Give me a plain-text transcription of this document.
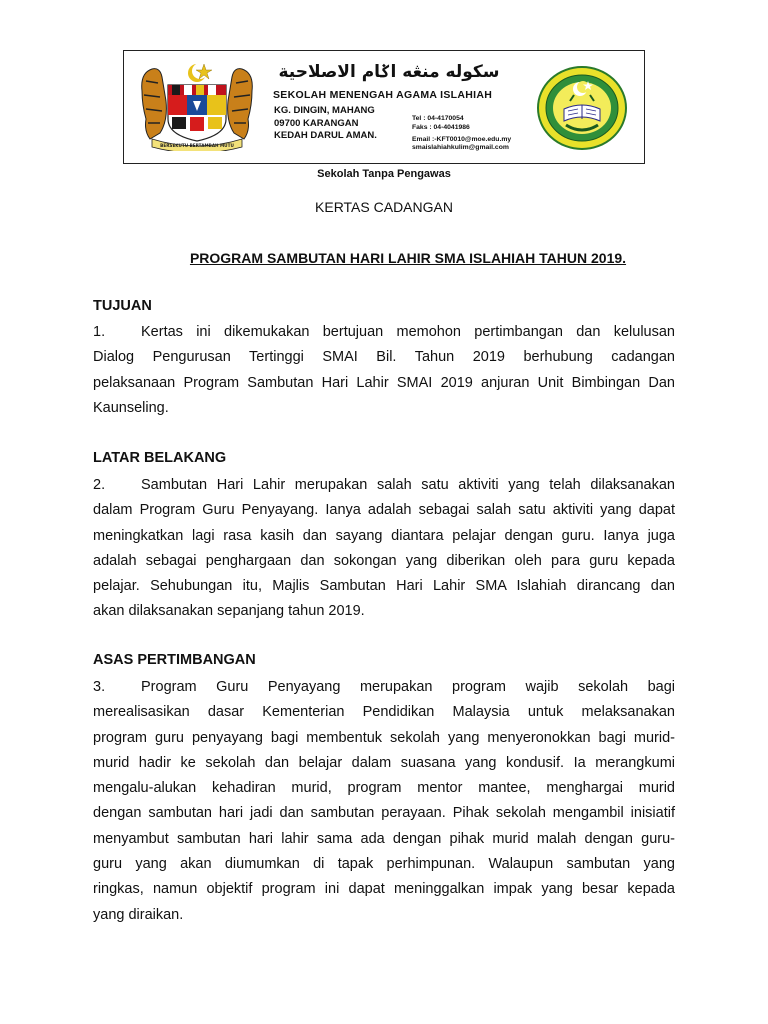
BERSEKUTU BERTAMBAH MUTU
سكوله منڠه اݢام الاصلاحية
SEKOLAH MENENGAH AGAMA ISLAHIAH
KG. DINGIN, MAHANG
09700 KARANGAN
KEDAH DARUL AMAN.
Tel : 04-4170054
Faks : 04-4041986
Email :-KFT0010@moe.edu.my
smaislahiahkulim@gmail.com
Sekolah Tanpa Pengawas
KERTAS CADANGAN
PROGRAM SAMBUTAN HARI LAHIR SMA ISLAHIAH TAHUN 2019.
TUJUAN
1. Kertas ini dikemukakan bertujuan memohon pertimbangan dan kelulusan
Dialog Pengurusan Tertinggi SMAI Bil. Tahun 2019 berhubung cadangan
pelaksanaan Program Sambutan Hari Lahir SMAI 2019 anjuran Unit Bimbingan Dan
Kaunseling.
LATAR BELAKANG
2. Sambutan Hari Lahir merupakan salah satu aktiviti yang telah dilaksanakan
dalam Program Guru Penyayang. Ianya adalah sebagai salah satu aktiviti yang dapat
meningkatkan lagi rasa kasih dan sayang diantara pelajar dengan guru. Ianya juga
adalah sebagai penghargaan dan sokongan yang diberikan oleh para guru kepada
pelajar. Sehubungan itu, Majlis Sambutan Hari Lahir SMA Islahiah dirancang dan
akan dilaksanakan sepanjang tahun 2019.
ASAS PERTIMBANGAN
3. Program Guru Penyayang merupakan program wajib sekolah bagi
merealisasikan dasar Kementerian Pendidikan Malaysia untuk melaksanakan
program guru penyayang bagi membentuk sekolah yang menyeronokkan bagi murid-
murid hadir ke sekolah dan belajar dalam suasana yang kondusif. Ia merangkumi
mengalu-alukan kehadiran murid, program mentor mantee, menghargai murid
dengan sambutan hari jadi dan sambutan perayaan. Pihak sekolah mengambil inisiatif
menyambut sambutan hari lahir sama ada dengan pihak murid malah dengan guru-
guru yang akan diumumkan di tapak perhimpunan. Walaupun sambutan yang
ringkas, namun objektif program ini dapat meninggalkan impak yang besar kepada
yang diraikan.
